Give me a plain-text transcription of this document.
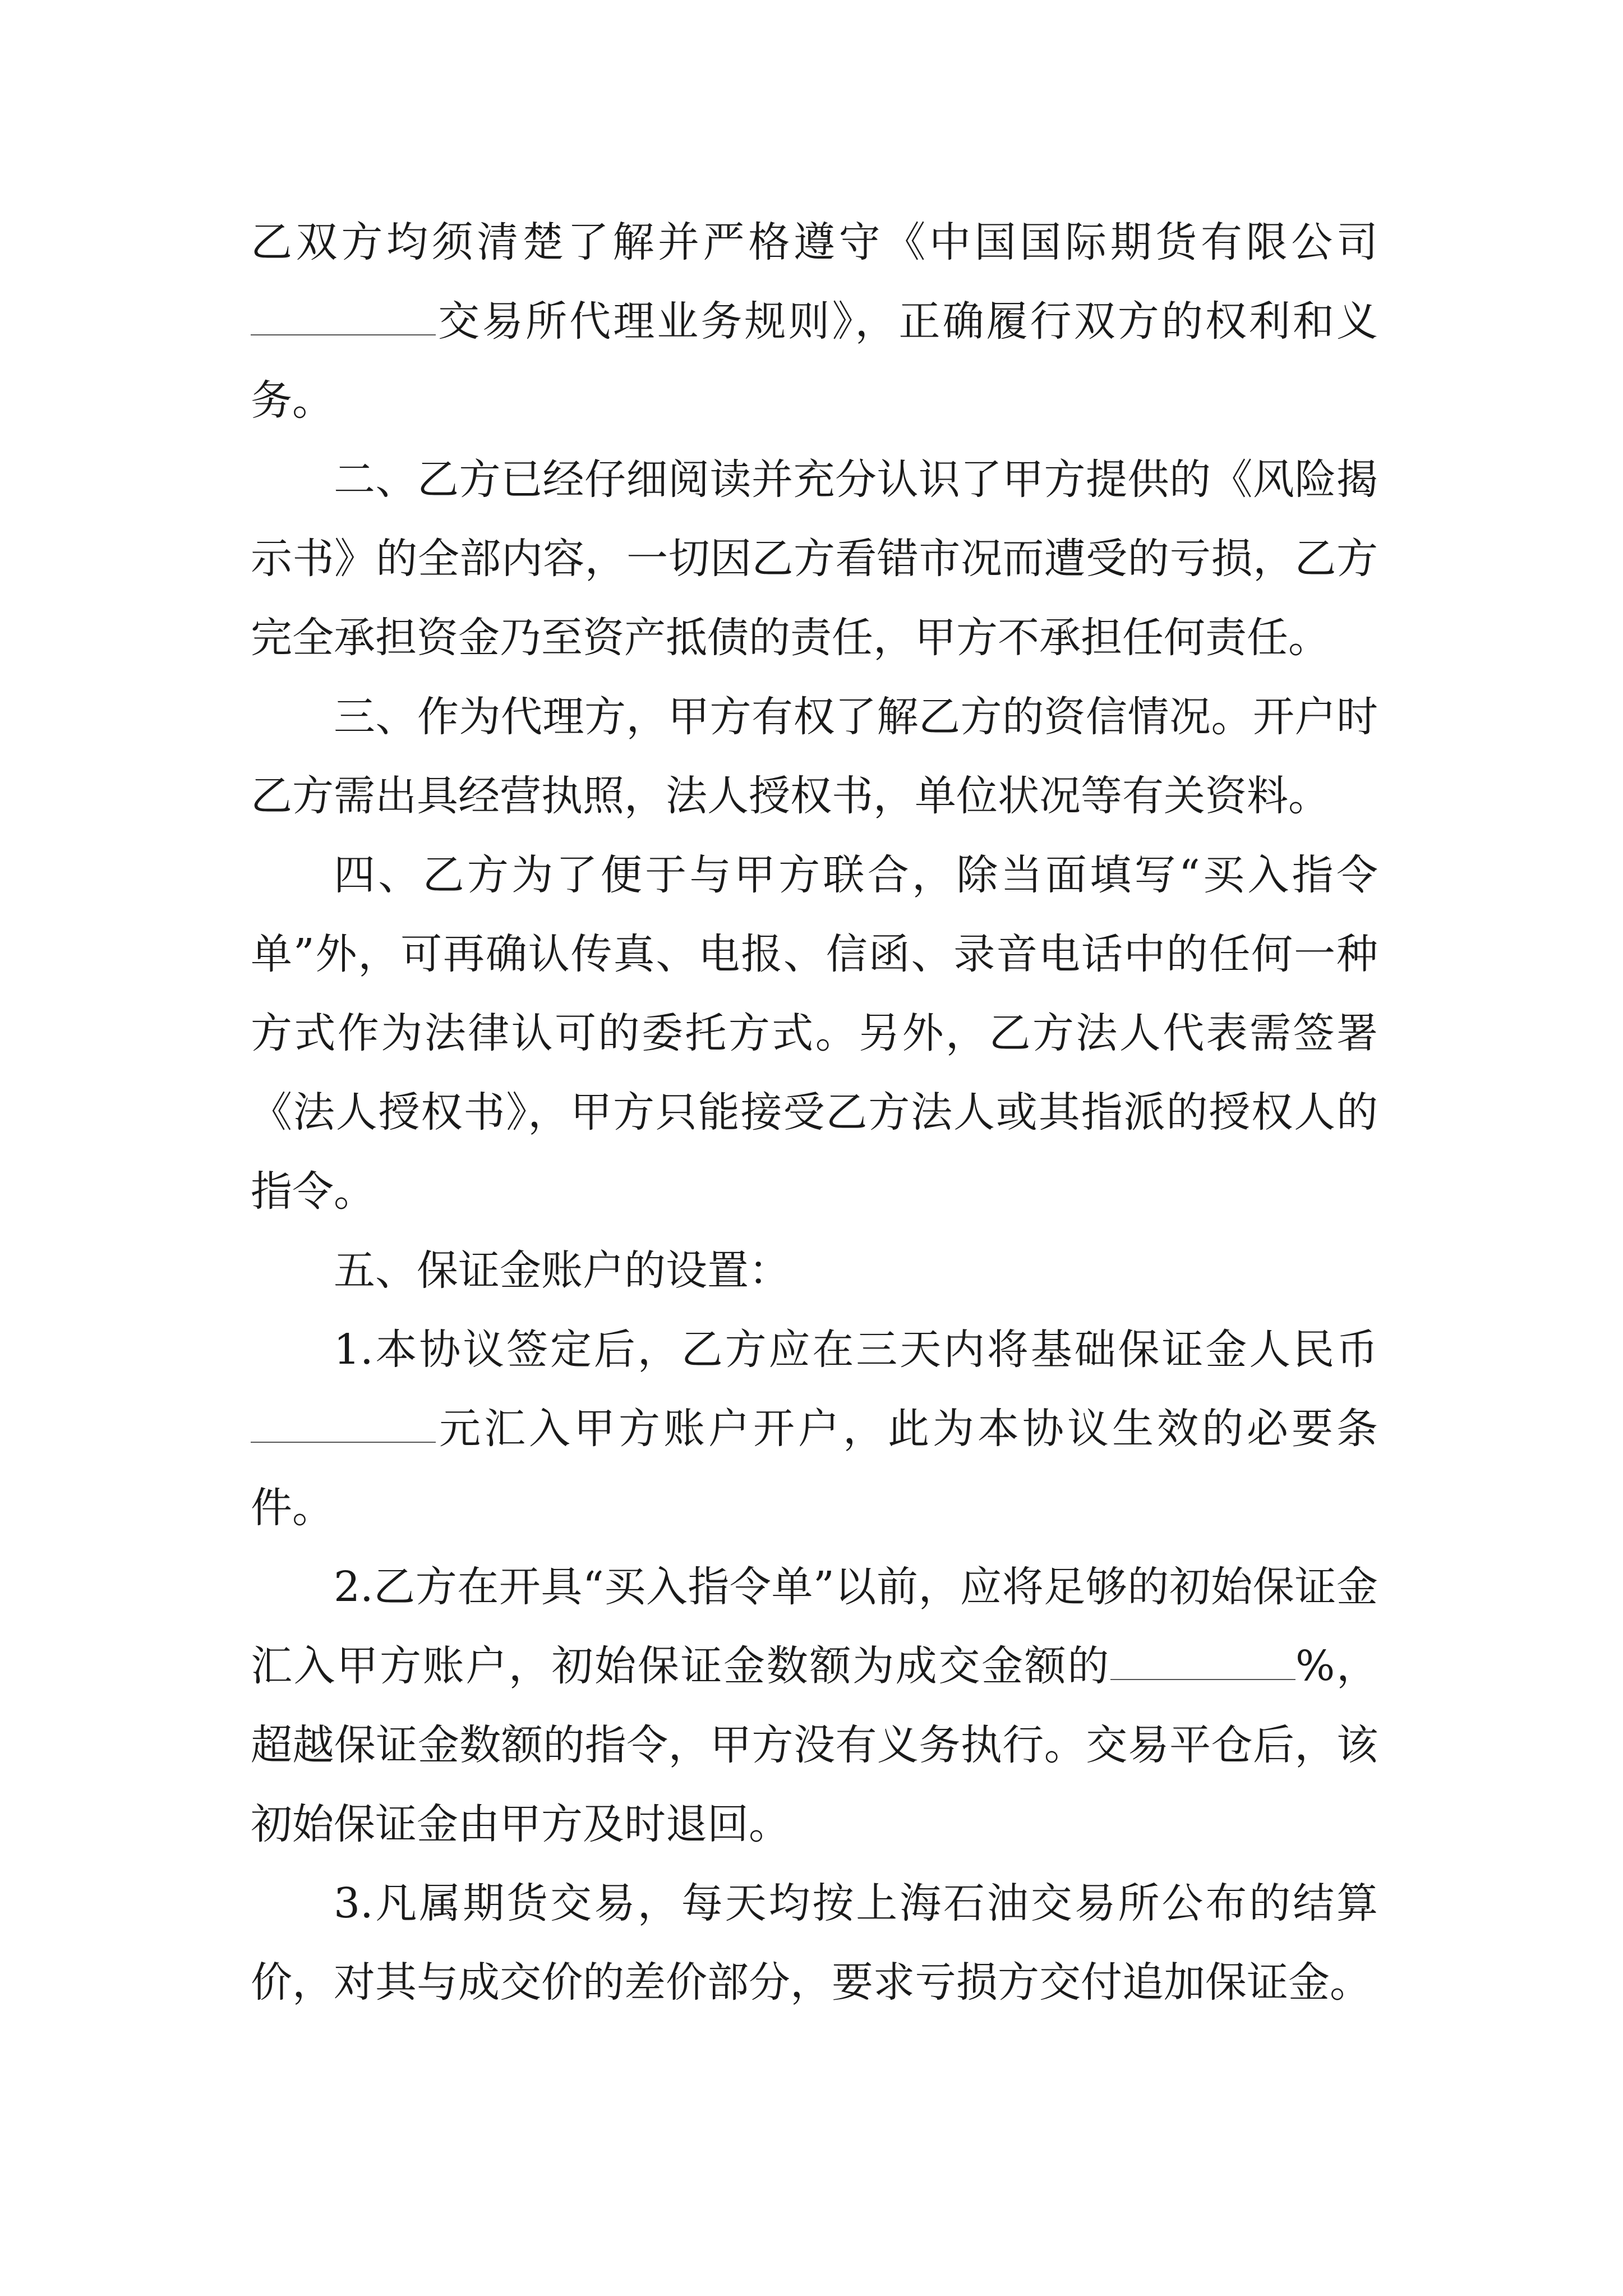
乙双方均须清楚了解并严格遵守《中国国际期货有限公司交易所代理业务规则》，正确履行双方的权利和义务。

二、乙方已经仔细阅读并充分认识了甲方提供的《风险揭示书》的全部内容，一切因乙方看错市况而遭受的亏损，乙方完全承担资金乃至资产抵债的责任，甲方不承担任何责任。

三、作为代理方，甲方有权了解乙方的资信情况。开户时乙方需出具经营执照，法人授权书，单位状况等有关资料。

四、乙方为了便于与甲方联合，除当面填写“买入指令单”外，可再确认传真、电报、信函、录音电话中的任何一种方式作为法律认可的委托方式。另外，乙方法人代表需签署《法人授权书》，甲方只能接受乙方法人或其指派的授权人的指令。

五、保证金账户的设置：

1.本协议签定后，乙方应在三天内将基础保证金人民币元汇入甲方账户开户，此为本协议生效的必要条件。

2.乙方在开具“买入指令单”以前，应将足够的初始保证金汇入甲方账户，初始保证金数额为成交金额的	%，超越保证金数额的指令，甲方没有义务执行。交易平仓后，该初始保证金由甲方及时退回。

3.凡属期货交易，每天均按上海石油交易所公布的结算价，对其与成交价的差价部分，要求亏损方交付追加保证金。
